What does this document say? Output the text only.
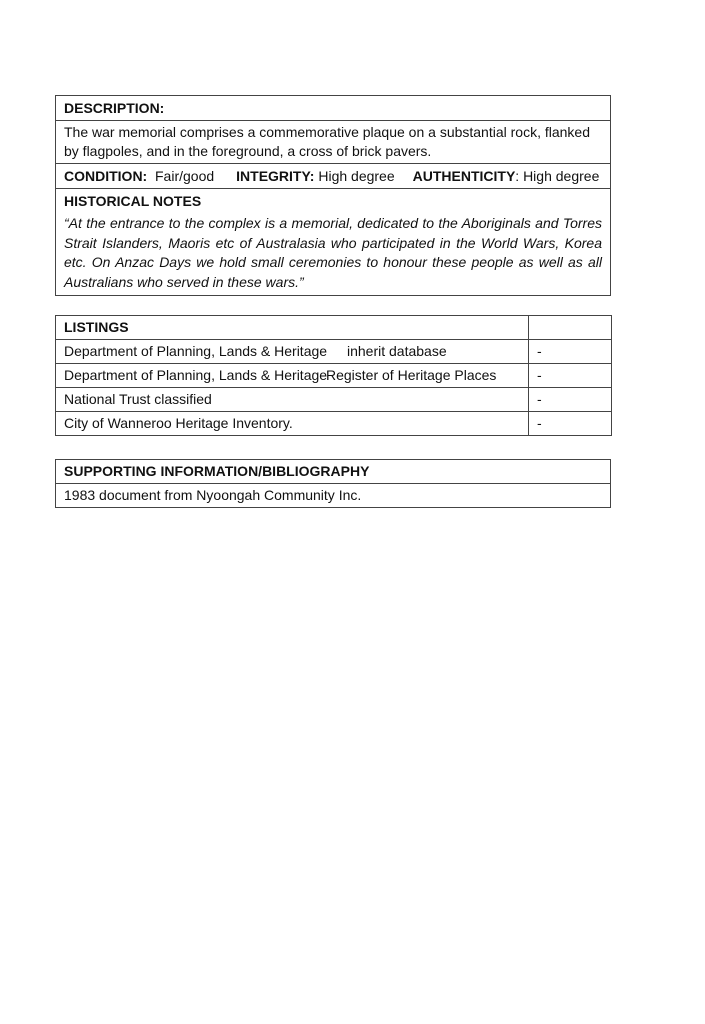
DESCRIPTION:
The war memorial comprises a commemorative plaque on a substantial rock, flanked by flagpoles, and in the foreground, a cross of brick pavers.

CONDITION: Fair/good INTEGRITY: High degree AUTHENTICITY: High degree

HISTORICAL NOTES
“At the entrance to the complex is a memorial, dedicated to the Aboriginals and Torres Strait Islanders, Maoris etc of Australasia who participated in the World Wars, Korea etc. On Anzac Days we hold small ceremonies to honour these people as well as all Australians who served in these wars.”
LISTINGS	
Department of Planning, Lands & Heritage inherit database	-
Department of Planning, Lands & HeritageRegister of Heritage Places	-
National Trust classified	-
City of Wanneroo Heritage Inventory.	-
SUPPORTING INFORMATION/BIBLIOGRAPHY
1983 document from Nyoongah Community Inc.
